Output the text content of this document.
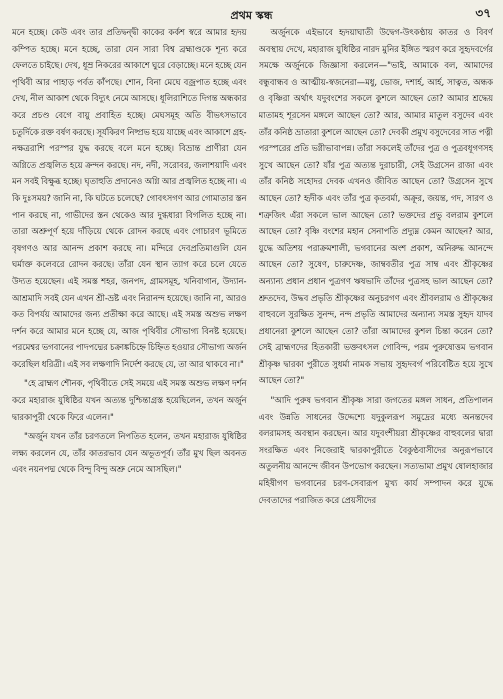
প্রথম স্কন্ধ	৩৭

মনে হচ্ছে। কেউ এবং তার প্রতিদ্বন্দ্বী কাকের কর্কশ স্বরে আমার হৃদয় কম্পিত হচ্ছে। মনে হচ্ছে, তারা যেন সারা বিশ্ব ব্রহ্মাণ্ডকে শূন্য করে ফেলতে চাইছে। দেখ, ধূম্র নিকরের আকাশে ঘুরে বেড়াচ্ছে। মনে হচ্ছে যেন পৃথিবী আর পাহাড় পর্বত কাঁপছে। শোন, বিনা মেঘে বজ্রপাত হচ্ছে এবং দেখ, নীল আকাশ থেকে বিদ্যুৎ নেমে আসছে। ধূলিরাশিতে দিগন্ত অন্ধকার করে প্রচণ্ড বেগে বায়ু প্রবাহিত হচ্ছে। মেঘসমূহ অতি বীভৎসভাবে চতুর্দিকে রক্ত বর্ষণ করছে। সূর্যকিরণ নিষ্প্রভ হয়ে যাচ্ছে এবং আকাশে গ্রহ-নক্ষত্ররাশি পরস্পর যুদ্ধ করছে বলে মনে হচ্ছে। বিভ্রান্ত প্রাণীরা যেন অগ্নিতে প্রজ্বলিত হয়ে ক্রন্দন করছে। নদ, নদী, সরোবর, জলাশয়াদি এবং মন সবই বিক্ষুব্ধ হচ্ছে। ঘৃতাহুতি প্রদানেও অগ্নি আর প্রজ্বলিত হচ্ছে না। এ কি দুঃসময়? জানি না, কি ঘটতে চলেছে? গোবৎসগণ আর গোমাতার স্তন পান করছে না, গাভীদের স্তন থেকেও আর দুগ্ধধারা বিগলিত হচ্ছে না। তারা অশ্রুপূর্ণ হয়ে দাঁড়িয়ে থেকে রোদন করছে এবং গোচারণ ভূমিতে বৃষগণও আর আনন্দ প্রকাশ করছে না। মন্দিরে দেবপ্রতিমাগুলি যেন ঘর্মাক্ত কলেবরে রোদন করছে। তাঁরা যেন স্থান ত্যাগ করে চলে যেতে উদ্যত হয়েছেন। এই সমস্ত শহর, জনপদ, গ্রামসমূহ, খনিবাগান, উদ্যান-আশ্রমাদি সবই যেন এখন শ্রী-ভ্রষ্ট এবং নিরানন্দ হয়েছে। জানি না, আরও কত বিপর্যয় আমাদের জন্য প্রতীক্ষা করে আছে। এই সমস্ত অশুভ লক্ষণ দর্শন করে আমার মনে হচ্ছে যে, আজ পৃথিবীর সৌভাগ্য বিনষ্ট হয়েছে। পরমেশ্বর ভগবানের পাদপদ্মের চক্রাঙ্কচিহ্নে চিহ্নিত হওয়ার সৌভাগ্য অর্জন করেছিল ধরিত্রী। এই সব লক্ষণাদি নির্দেশ করছে যে, তা আর থাকবে না।"

"হে ব্রাহ্মণ শৌনক, পৃথিবীতে সেই সময়ে এই সমস্ত অশুভ লক্ষণ দর্শন করে মহারাজ যুধিষ্ঠির যখন অত্যন্ত দুশ্চিন্তাগ্রস্ত হয়েছিলেন, তখন অর্জুন দ্বারকাপুরী থেকে ফিরে এলেন।"

"অর্জুন যখন তাঁর চরণতলে নিপতিত হলেন, তখন মহারাজ যুধিষ্ঠির লক্ষ্য করলেন যে, তাঁর কাতরভাব যেন অভূতপূর্ব। তাঁর মুখ ছিল অবনত এবং নয়নপদ্ম থেকে বিন্দু বিন্দু অশ্রু নেমে আসছিল।"

অর্জুনকে এইভাবে হৃদয়াঘাতী উদ্বেগ-উৎকণ্ঠায় কাতর ও বিবর্ণ অবস্থায় দেখে, মহারাজ যুধিষ্ঠির নারদ মুনির ইঙ্গিত স্মরণ করে সুহৃদবর্গের সমক্ষে অর্জুনকে জিজ্ঞাসা করলেন—"ভাই, আমাকে বল, আমাদের বন্ধুবান্ধব ও আত্মীয়-স্বজনেরা—মধু, ভোজ, দশার্হ, আর্হ, সাত্বত, অন্ধক ও বৃষ্ণিরা অর্থাৎ যদুবংশের সকলে কুশলে আছেন তো? আমার শ্রদ্ধেয় মাতামহ শূরসেন মঙ্গলে আছেন তো? আর, আমার মাতুল বসুদেব এবং তাঁর কনিষ্ঠ ভ্রাতারা কুশলে আছেন তো? দেবকী প্রমুখ বসুদেবের সাত পত্নী পরস্পরের প্রতি ভগ্নীভাবাপন্ন। তাঁরা সকলেই তাঁদের পুত্র ও পুত্রবধূগণসহ সুখে আছেন তো? যাঁর পুত্র অত্যন্ত দুরাচারী, সেই উগ্রসেন রাজা এবং তাঁর কনিষ্ঠ সহোদর দেবক এখনও জীবিত আছেন তো? উগ্রসেন সুখে আছেন তো? হৃদীক এবং তাঁর পুত্র কৃতবর্মা, অক্রূর, জয়ন্ত, গদ, সারণ ও শত্রুজিৎ এঁরা সকলে ভাল আছেন তো? ভক্তদের প্রভু বলরাম কুশলে আছেন তো? বৃষ্ণি বংশের মহান সেনাপতি প্রদ্যুম্ন কেমন আছেন? আর, যুদ্ধে অতিশয় পরাক্রমশালী, ভগবানের অংশ প্রকাশ, অনিরুদ্ধ আনন্দে আছেন তো? সুষেণ, চারুদেষ্ণ, জাম্ববতীর পুত্র সাম্ব এবং শ্রীকৃষ্ণের অন্যান্য প্রধান প্রধান পুত্রগণ ঋষভাদি তাঁদের পুত্রসহ ভাল আছেন তো? শ্রুতদেব, উদ্ধব প্রভৃতি শ্রীকৃষ্ণের অনুচরগণ এবং শ্রীবলরাম ও শ্রীকৃষ্ণের বাহুবলে সুরক্ষিত সুনন্দ, নন্দ প্রভৃতি আমাদের অন্যান্য সমস্ত সুহৃদ যাদব প্রধানেরা কুশলে আছেন তো? তাঁরা আমাদের কুশল চিন্তা করেন তো? সেই ব্রাহ্মণদের হিতকারী ভক্তবৎসল গোবিন্দ, পরম পুরুষোত্তম ভগবান শ্রীকৃষ্ণ দ্বারকা পুরীতে সুধর্মা নামক সভায় সুহৃদবর্গ পরিবেষ্টিত হয়ে সুখে আছেন তো?"

"আদি পুরুষ ভগবান শ্রীকৃষ্ণ সারা জগতের মঙ্গল সাধন, প্রতিপালন এবং উন্নতি সাধনের উদ্দেশ্যে যদুকুলরূপ সমুদ্রের মধ্যে অনন্তদেব বলরামসহ অবস্থান করছেন। আর যদুবংশীয়রা শ্রীকৃষ্ণের বাহুবলের দ্বারা সংরক্ষিত এবং নিজেরাই দ্বারকাপুরীতে বৈকুণ্ঠবাসীদের অনুরূপভাবে অতুলনীয় আনন্দে জীবন উপভোগ করছেন। সত্যভামা প্রমুখ ষোলহাজার মহিষীগণ ভগবানের চরণ-সেবারূপ মুখ্য কার্য সম্পাদন করে যুদ্ধে দেবতাদের পরাজিত করে প্রেয়সীদের
